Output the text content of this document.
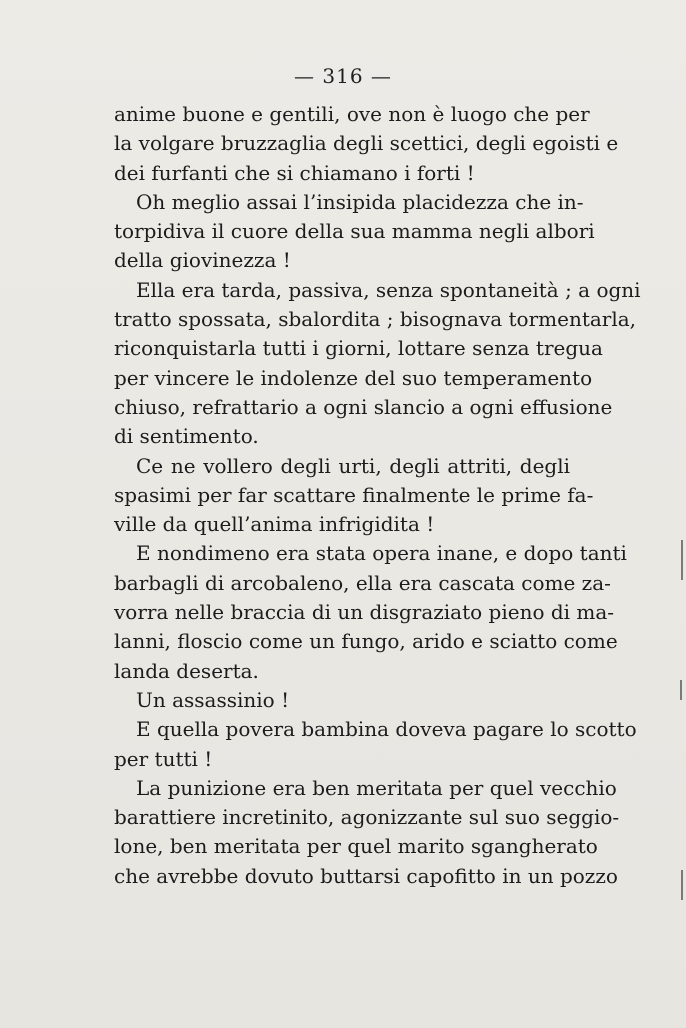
— 316 —
anime buone e gentili, ove non è luogo che per
la volgare bruzzaglia degli scettici, degli egoisti e
dei furfanti che si chiamano i forti !
Oh meglio assai l’insipida placidezza che in-
torpidiva il cuore della sua mamma negli albori
della giovinezza !
Ella era tarda, passiva, senza spontaneità ; a ogni
tratto spossata, sbalordita ; bisognava tormentarla,
riconquistarla tutti i giorni, lottare senza tregua
per vincere le indolenze del suo temperamento
chiuso, refrattario a ogni slancio a ogni effusione
di sentimento.
Ce ne vollero degli urti, degli attriti, degli
spasimi per far scattare finalmente le prime fa-
ville da quell’anima infrigidita !
E nondimeno era stata opera inane, e dopo tanti
barbagli di arcobaleno, ella era cascata come za-
vorra nelle braccia di un disgraziato pieno di ma-
lanni, floscio come un fungo, arido e sciatto come
landa deserta.
Un assassinio !
E quella povera bambina doveva pagare lo scotto
per tutti !
La punizione era ben meritata per quel vecchio
barattiere incretinito, agonizzante sul suo seggio-
lone, ben meritata per quel marito sgangherato
che avrebbe dovuto buttarsi capofitto in un pozzo
